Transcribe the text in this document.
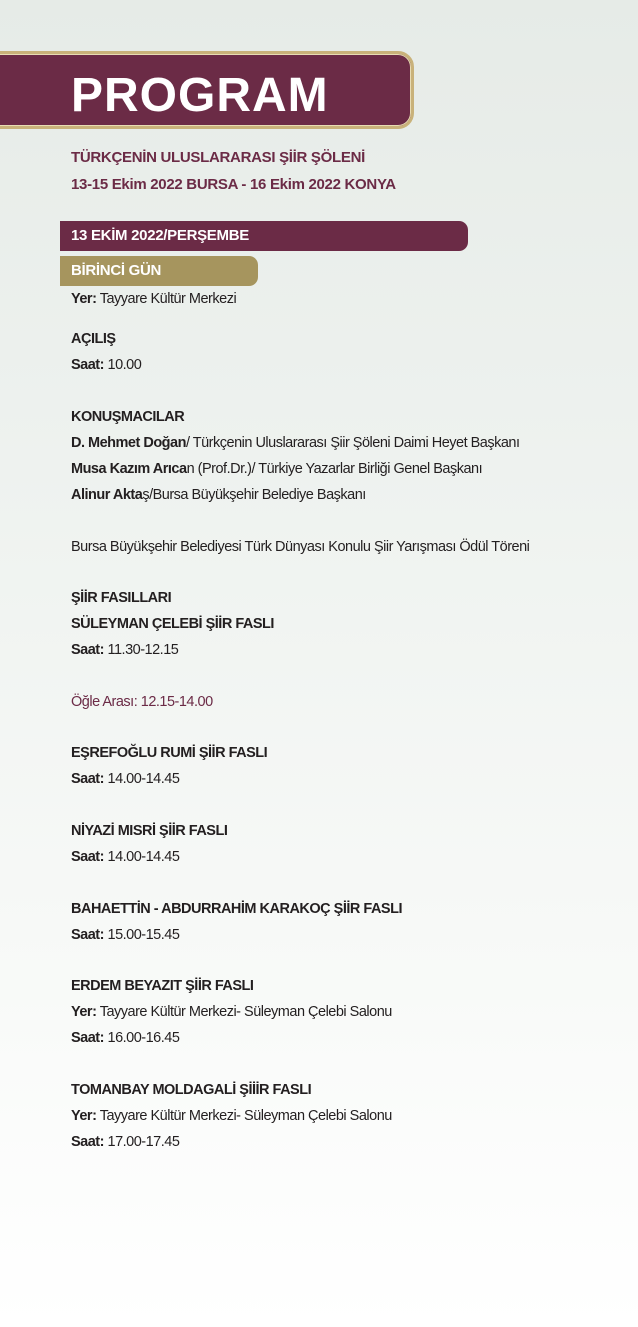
PROGRAM
TÜRKÇENİN ULUSLARARASI ŞİİR ŞÖLENİ
13-15 Ekim 2022 BURSA - 16 Ekim 2022 KONYA
13 EKİM 2022/PERŞEMBE
BİRİNCİ GÜN
Yer: Tayyare Kültür Merkezi
AÇILIŞ
Saat: 10.00
KONUŞMACILAR
D. Mehmet Doğan/ Türkçenin Uluslararası Şiir Şöleni Daimi Heyet Başkanı
Musa Kazım Arıcan (Prof.Dr.)/ Türkiye Yazarlar Birliği Genel Başkanı
Alinur Aktaş/Bursa Büyükşehir Belediye Başkanı
Bursa Büyükşehir Belediyesi Türk Dünyası Konulu Şiir Yarışması Ödül Töreni
ŞİİR FASILLARI
SÜLEYMAN ÇELEBİ ŞİİR FASLI
Saat: 11.30-12.15
Öğle Arası: 12.15-14.00
EŞREFOĞLU RUMİ ŞİİR FASLI
Saat: 14.00-14.45
NİYAZİ MISRİ ŞİİR FASLI
Saat: 14.00-14.45
BAHAETTİN - ABDURRAHİM KARAKOÇ ŞİİR FASLI
Saat: 15.00-15.45
ERDEM BEYAZIT ŞİİR FASLI
Yer: Tayyare Kültür Merkezi- Süleyman Çelebi Salonu
Saat: 16.00-16.45
TOMANBAY MOLDAGALİ ŞİİİR FASLI
Yer: Tayyare Kültür Merkezi- Süleyman Çelebi Salonu
Saat: 17.00-17.45
